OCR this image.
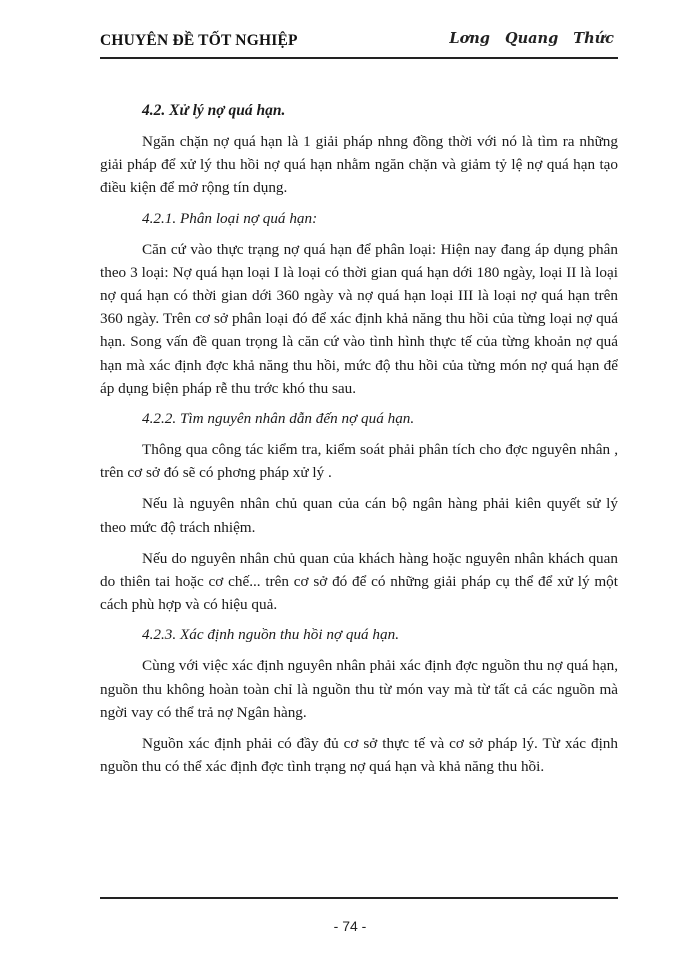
CHUYÊN ĐỀ TỐT NGHIỆP	Lơng Quang Thức
4.2. Xử lý nợ quá hạn.

Ngăn chặn nợ quá hạn là 1 giải pháp nhng đồng thời với nó là tìm ra những giải pháp để xử lý thu hồi nợ quá hạn nhằm ngăn chặn và giảm tỷ lệ nợ quá hạn tạo điều kiện để mở rộng tín dụng.

4.2.1. Phân loại nợ quá hạn:

Căn cứ vào thực trạng nợ quá hạn để phân loại: Hiện nay đang áp dụng phân theo 3 loại: Nợ quá hạn loại I là loại có thời gian quá hạn dới 180 ngày, loại II là loại nợ quá hạn có thời gian dới 360 ngày và nợ quá hạn loại III là loại nợ quá hạn trên 360 ngày. Trên cơ sở phân loại đó để xác định khả năng thu hồi của từng loại nợ quá hạn. Song vấn đề quan trọng là căn cứ vào tình hình thực tế của từng khoản nợ quá hạn mà xác định đợc khả năng thu hồi, mức độ thu hồi của từng món nợ quá hạn để áp dụng biện pháp rễ thu trớc khó thu sau.

4.2.2. Tìm nguyên nhân dẫn đến nợ quá hạn.

Thông qua công tác kiểm tra, kiểm soát phải phân tích cho đợc nguyên nhân , trên cơ sở đó sẽ có phơng pháp xử lý .

Nếu là nguyên nhân chủ quan của cán bộ ngân hàng phải kiên quyết sử lý theo mức độ trách nhiệm.

Nếu do nguyên nhân chủ quan của khách hàng hoặc nguyên nhân khách quan do thiên tai hoặc cơ chế... trên cơ sở đó để có những giải pháp cụ thể để xử lý một cách phù hợp và có hiệu quả.

4.2.3. Xác định nguồn thu hồi nợ quá hạn.

Cùng với việc xác định nguyên nhân phải xác định đợc nguồn thu nợ quá hạn, nguồn thu không hoàn toàn chỉ là nguồn thu từ món vay mà từ tất cả các nguồn mà ngời vay có thể trả nợ Ngân hàng.

Nguồn xác định phải có đầy đủ cơ sở thực tế và cơ sở pháp lý. Từ xác định nguồn thu có thể xác định đợc tình trạng nợ quá hạn và khả năng thu hồi.

- 74 -
